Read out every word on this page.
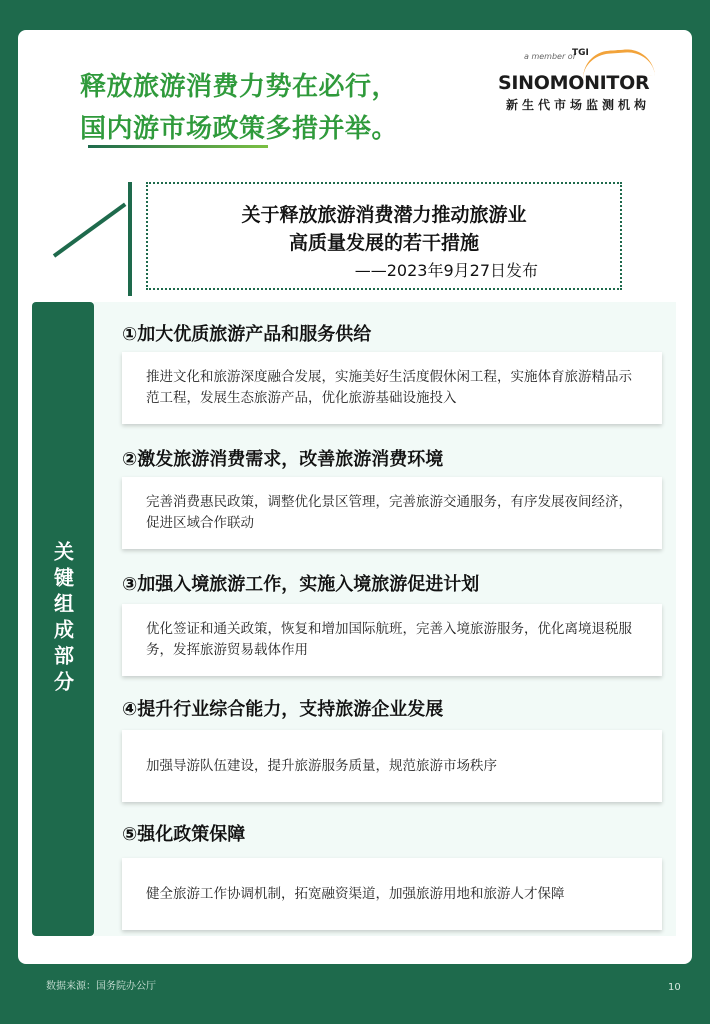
释放旅游消费力势在必行，
国内游市场政策多措并举。
a member of
TGI
SINOMONITOR
新生代市场监测机构
关于释放旅游消费潜力推动旅游业
高质量发展的若干措施
——2023年9月27日发布
关键组成部分
①加大优质旅游产品和服务供给
推进文化和旅游深度融合发展，实施美好生活度假休闲工程，实施体育旅游精品示范工程，发展生态旅游产品，优化旅游基础设施投入
②激发旅游消费需求，改善旅游消费环境
完善消费惠民政策，调整优化景区管理，完善旅游交通服务，有序发展夜间经济，促进区域合作联动
③加强入境旅游工作，实施入境旅游促进计划
优化签证和通关政策，恢复和增加国际航班，完善入境旅游服务，优化离境退税服务，发挥旅游贸易载体作用
④提升行业综合能力，支持旅游企业发展
加强导游队伍建设，提升旅游服务质量，规范旅游市场秩序
⑤强化政策保障
健全旅游工作协调机制，拓宽融资渠道，加强旅游用地和旅游人才保障
数据来源：国务院办公厅	10
